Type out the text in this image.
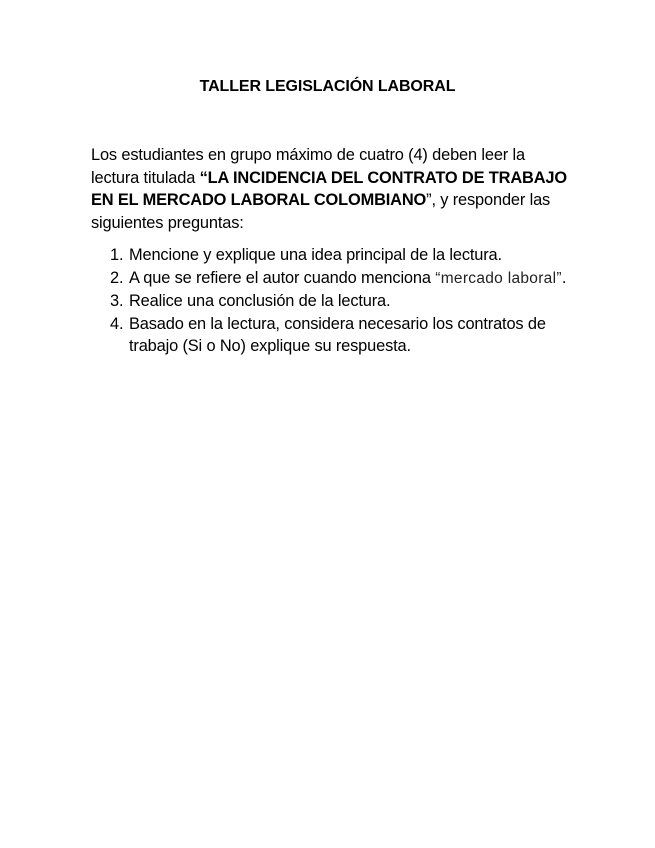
TALLER LEGISLACIÓN LABORAL

Los estudiantes en grupo máximo de cuatro (4) deben leer la lectura titulada “LA INCIDENCIA DEL CONTRATO DE TRABAJO EN EL MERCADO LABORAL COLOMBIANO”, y responder las siguientes preguntas:

1. Mencione y explique una idea principal de la lectura.
2. A que se refiere el autor cuando menciona “mercado laboral”.
3. Realice una conclusión de la lectura.
4. Basado en la lectura, considera necesario los contratos de trabajo (Si o No) explique su respuesta.
